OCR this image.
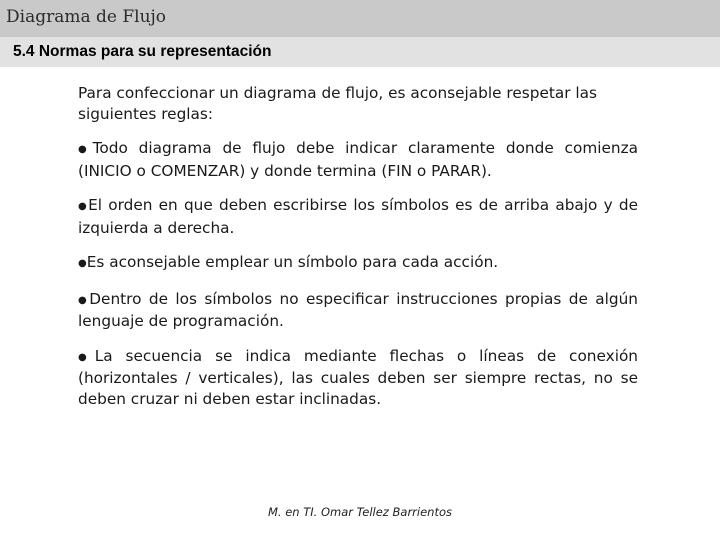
Diagrama de Flujo
5.4 Normas para su representación

Para confeccionar un diagrama de flujo, es aconsejable respetar las siguientes reglas:

●Todo diagrama de flujo debe indicar claramente donde comienza (INICIO o COMENZAR) y donde termina (FIN o PARAR).

●El orden en que deben escribirse los símbolos es de arriba abajo y de izquierda a derecha.

●Es aconsejable emplear un símbolo para cada acción.

●Dentro de los símbolos no especificar instrucciones propias de algún lenguaje de programación.

●La secuencia se indica mediante flechas o líneas de conexión (horizontales / verticales), las cuales deben ser siempre rectas, no se deben cruzar ni deben estar inclinadas.

M. en TI. Omar Tellez Barrientos
